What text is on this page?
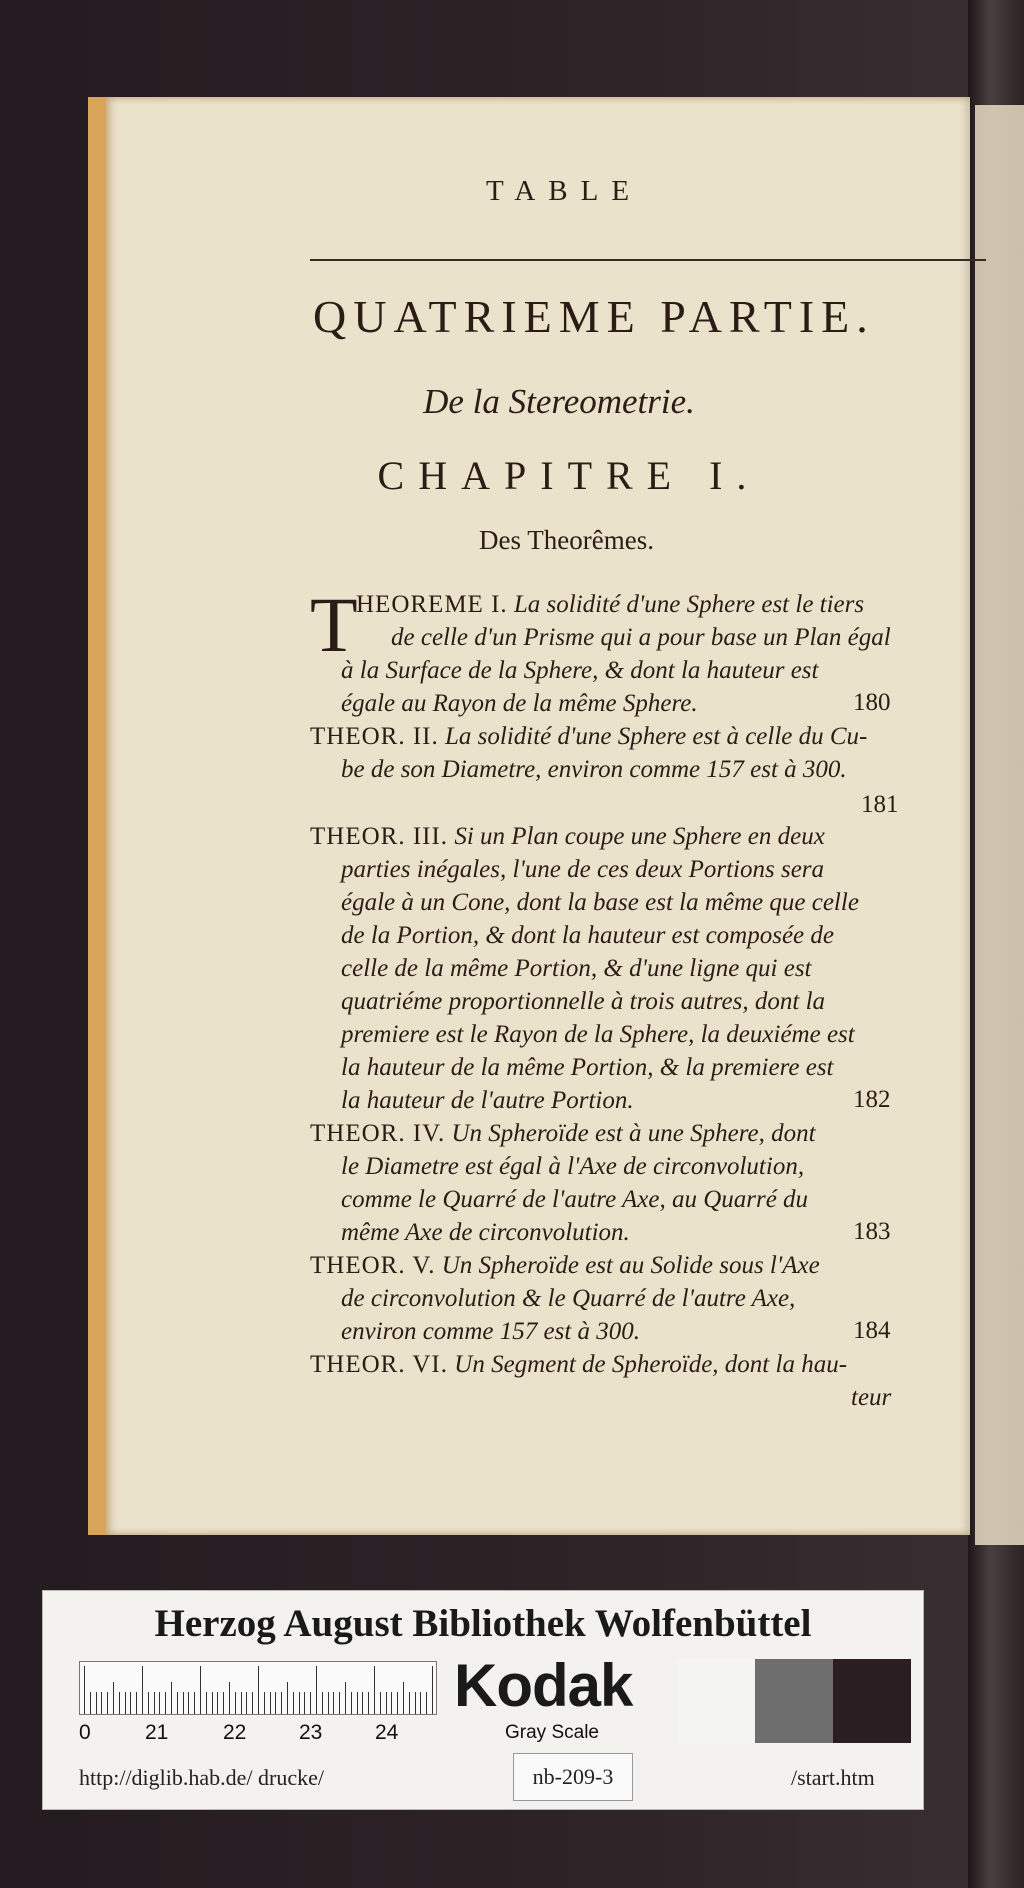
TABLE
QUATRIEME PARTIE.
De la Stereometrie.
CHAPITRE I.
Des Theorêmes.
T
HEOREME I. La solidité d'une Sphere est le tiers
de celle d'un Prisme qui a pour base un Plan égal
à la Surface de la Sphere, & dont la hauteur est
égale au Rayon de la même Sphere.	180
THEOR. II. La solidité d'une Sphere est à celle du Cu-
be de son Diametre, environ comme 157 est à 300.
181
THEOR. III. Si un Plan coupe une Sphere en deux
parties inégales, l'une de ces deux Portions sera
égale à un Cone, dont la base est la même que celle
de la Portion, & dont la hauteur est composée de
celle de la même Portion, & d'une ligne qui est
quatriéme proportionnelle à trois autres, dont la
premiere est le Rayon de la Sphere, la deuxiéme est
la hauteur de la même Portion, & la premiere est
la hauteur de l'autre Portion.	182
THEOR. IV. Un Spheroïde est à une Sphere, dont
le Diametre est égal à l'Axe de circonvolution,
comme le Quarré de l'autre Axe, au Quarré du
même Axe de circonvolution.	183
THEOR. V. Un Spheroïde est au Solide sous l'Axe
de circonvolution & le Quarré de l'autre Axe,
environ comme 157 est à 300.	184
THEOR. VI. Un Segment de Spheroïde, dont la hau-
teur
Herzog August Bibliothek Wolfenbüttel
0	21	22	23	24
Kodak
Gray Scale
http://diglib.hab.de/ drucke/	nb-209-3	/start.htm
